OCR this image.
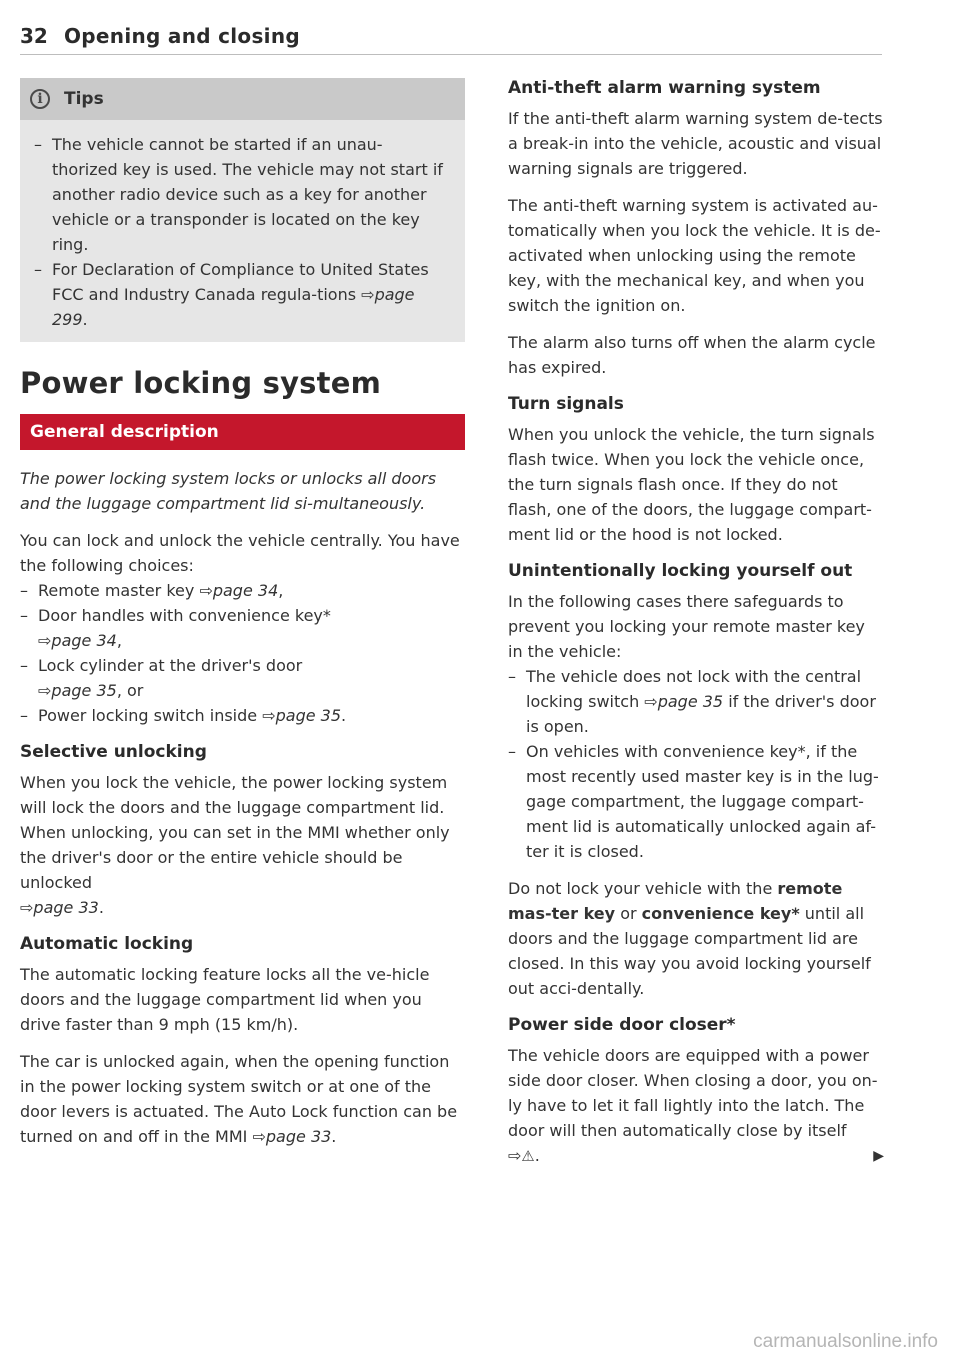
32 Opening and closing
i	Tips
– The vehicle cannot be started if an unau-thorized key is used. The vehicle may not start if another radio device such as a key for another vehicle or a transponder is located on the key ring.
– For Declaration of Compliance to United States FCC and Industry Canada regula-tions ⇨page 299.
Power locking system
General description

The power locking system locks or unlocks all doors and the luggage compartment lid si-multaneously.

You can lock and unlock the vehicle centrally. You have the following choices:

– Remote master key ⇨page 34,
– Door handles with convenience key*
⇨page 34,
– Lock cylinder at the driver's door
⇨page 35, or
– Power locking switch inside ⇨page 35.
Selective unlocking

When you lock the vehicle, the power locking system will lock the doors and the luggage compartment lid. When unlocking, you can set in the MMI whether only the driver's door or the entire vehicle should be unlocked
⇨page 33.

Automatic locking

The automatic locking feature locks all the ve-hicle doors and the luggage compartment lid when you drive faster than 9 mph (15 km/h).

The car is unlocked again, when the opening function in the power locking system switch or at one of the door levers is actuated. The Auto Lock function can be turned on and off in the MMI ⇨page 33.

Anti-theft alarm warning system

If the anti-theft alarm warning system de-tects a break-in into the vehicle, acoustic and visual warning signals are triggered.

The anti-theft warning system is activated au-tomatically when you lock the vehicle. It is de-activated when unlocking using the remote key, with the mechanical key, and when you switch the ignition on.

The alarm also turns off when the alarm cycle has expired.

Turn signals

When you unlock the vehicle, the turn signals flash twice. When you lock the vehicle once, the turn signals flash once. If they do not flash, one of the doors, the luggage compart-ment lid or the hood is not locked.

Unintentionally locking yourself out

In the following cases there safeguards to prevent you locking your remote master key in the vehicle:

– The vehicle does not lock with the central locking switch ⇨page 35 if the driver's door is open.
– On vehicles with convenience key*, if the most recently used master key is in the lug-gage compartment, the luggage compart-ment lid is automatically unlocked again af-ter it is closed.

Do not lock your vehicle with the remote mas-ter key or convenience key* until all doors and the luggage compartment lid are closed. In this way you avoid locking yourself out acci-dentally.

Power side door closer*

The vehicle doors are equipped with a power side door closer. When closing a door, you on-ly have to let it fall lightly into the latch. The door will then automatically close by itself
⇨⚠.	▶

carmanualsonline.info
